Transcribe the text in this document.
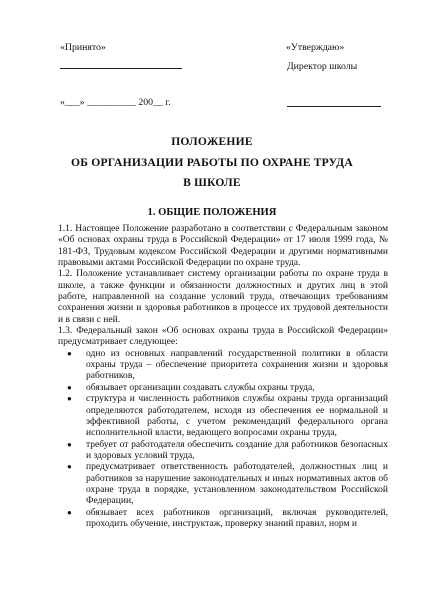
«Принято»	«Утверждаю»
Директор школы
«___» __________ 200__ г.
ПОЛОЖЕНИЕ
ОБ ОРГАНИЗАЦИИ РАБОТЫ ПО ОХРАНЕ ТРУДА
В ШКОЛЕ
1. ОБЩИЕ ПОЛОЖЕНИЯ

1.1. Настоящее Положение разработано в соответствии с Федеральным законом «Об основах охраны труда в Российской Федерации» от 17 июля 1999 года, № 181-ФЗ, Трудовым кодексом Российской Федерации и другими нормативными правовыми актами Российской Федерации по охране труда.

1.2. Положение устанавливает систему организации работы по охране труда в школе, а также функции и обязанности должностных и других лиц в этой работе, направленной на создание условий труда, отвечающих требованиям сохранения жизни и здоровья работников в процессе их трудовой деятельности и в связи с ней.

1.3. Федеральный закон «Об основах охраны труда в Российской Федерации» предусматривает следующее:

● одно из основных направлений государственной политики в области охраны труда – обеспечение приоритета сохранения жизни и здоровья работников,
● обязывает организации создавать службы охраны труда,
● структура и численность работников службы охраны труда организаций определяются работодателем, исходя из обеспечения ее нормальной и эффективной работы, с учетом рекомендаций федерального органа исполнительной власти, ведающего вопросами охраны труда,
● требует от работодателя обеспечить создание для работников безопасных и здоровых условий труда,
● предусматривает ответственность работодателей, должностных лиц и работников за нарушение законодательных и иных нормативных актов об охране труда в порядке, установленном законодательством Российской Федерации,
● обязывает всех работников организаций, включая руководителей, проходить обучение, инструктаж, проверку знаний правил, норм и
